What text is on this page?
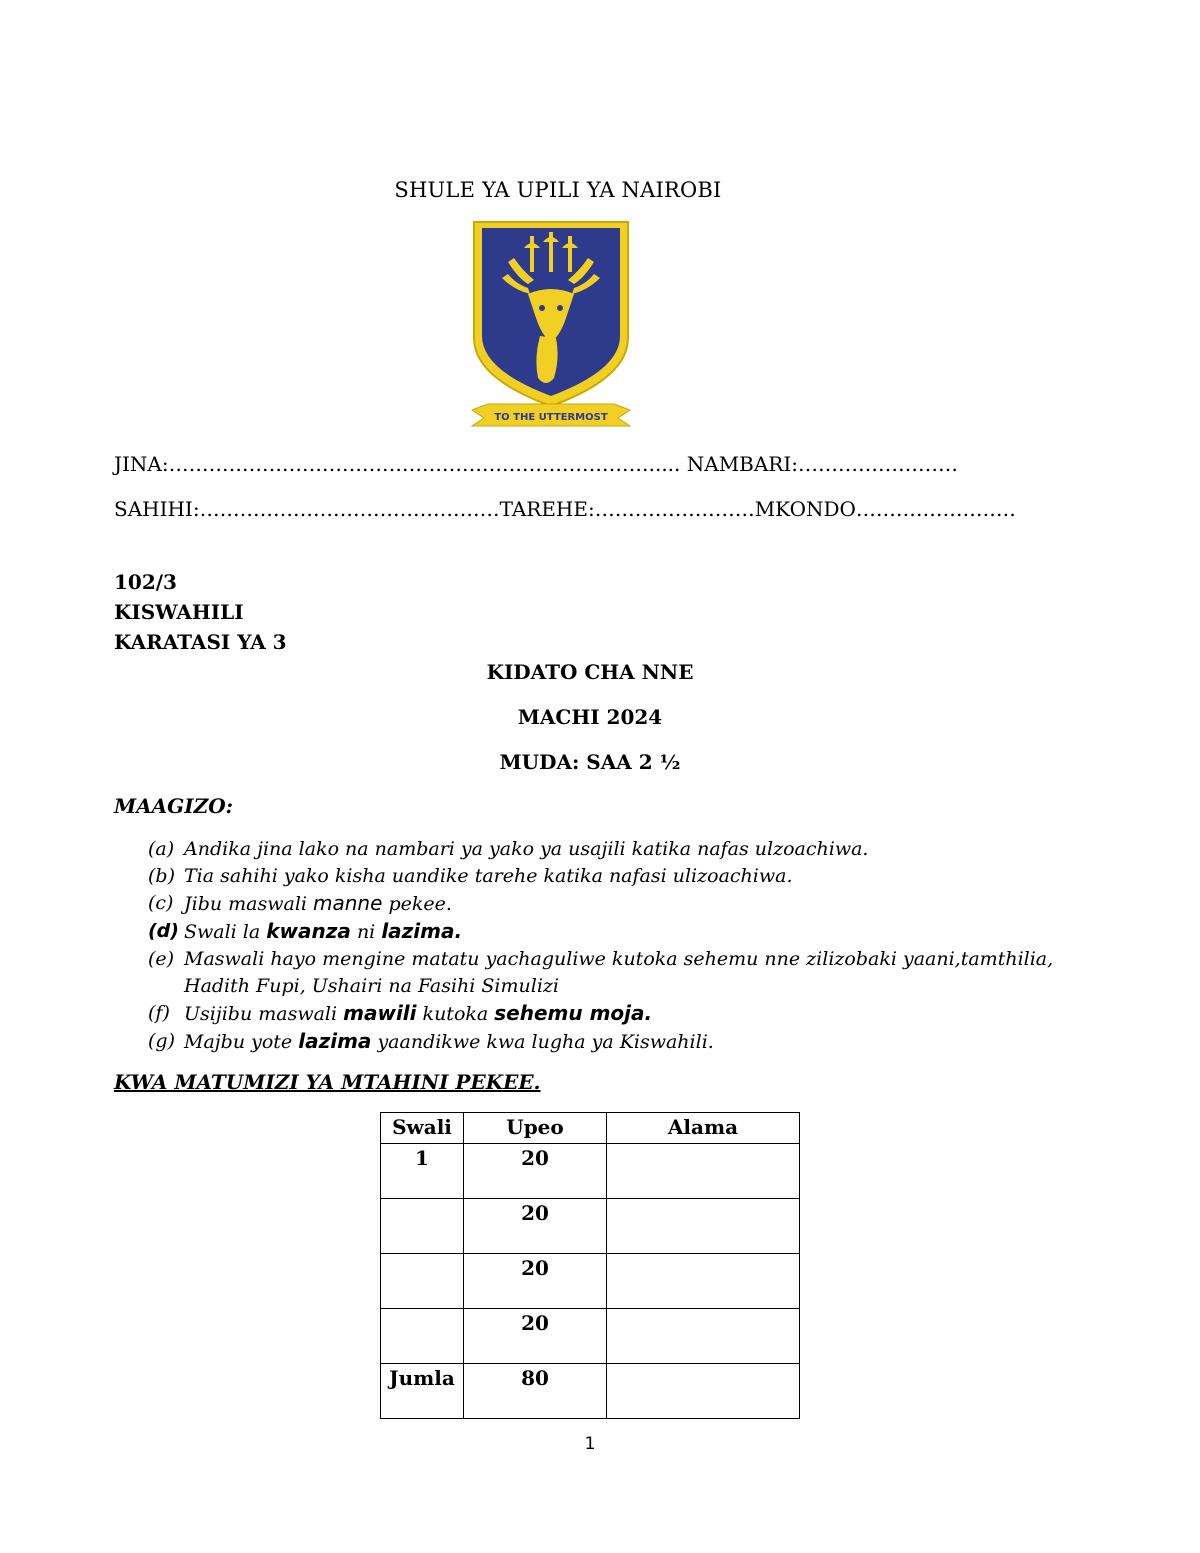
SHULE YA UPILI YA NAIROBI
TO THE UTTERMOST
JINA:………………………………………………………………..... NAMBARI:……………………
SAHIHI:………………………………………TAREHE:……………………MKONDO……………………
102/3
KISWAHILI
KARATASI YA 3
KIDATO CHA NNE
MACHI 2024
MUDA: SAA 2 ½
MAAGIZO:
(a) Andika jina lako na nambari ya yako ya usajili katika nafas ulzoachiwa.
(b) Tia sahihi yako kisha uandike tarehe katika nafasi ulizoachiwa.
(c) Jibu maswali manne pekee.
(d) Swali la kwanza ni lazima.
(e) Maswali hayo mengine matatu yachaguliwe kutoka sehemu nne zilizobaki yaani,tamthilia,
Hadith Fupi, Ushairi na Fasihi Simulizi
(f) Usijibu maswali mawili kutoka sehemu moja.
(g) Majbu yote lazima yaandikwe kwa lugha ya Kiswahili.
KWA MATUMIZI YA MTAHINI PEKEE.
Swali	Upeo	Alama
1	20	
	20	
	20	
	20	
Jumla	80	
1
